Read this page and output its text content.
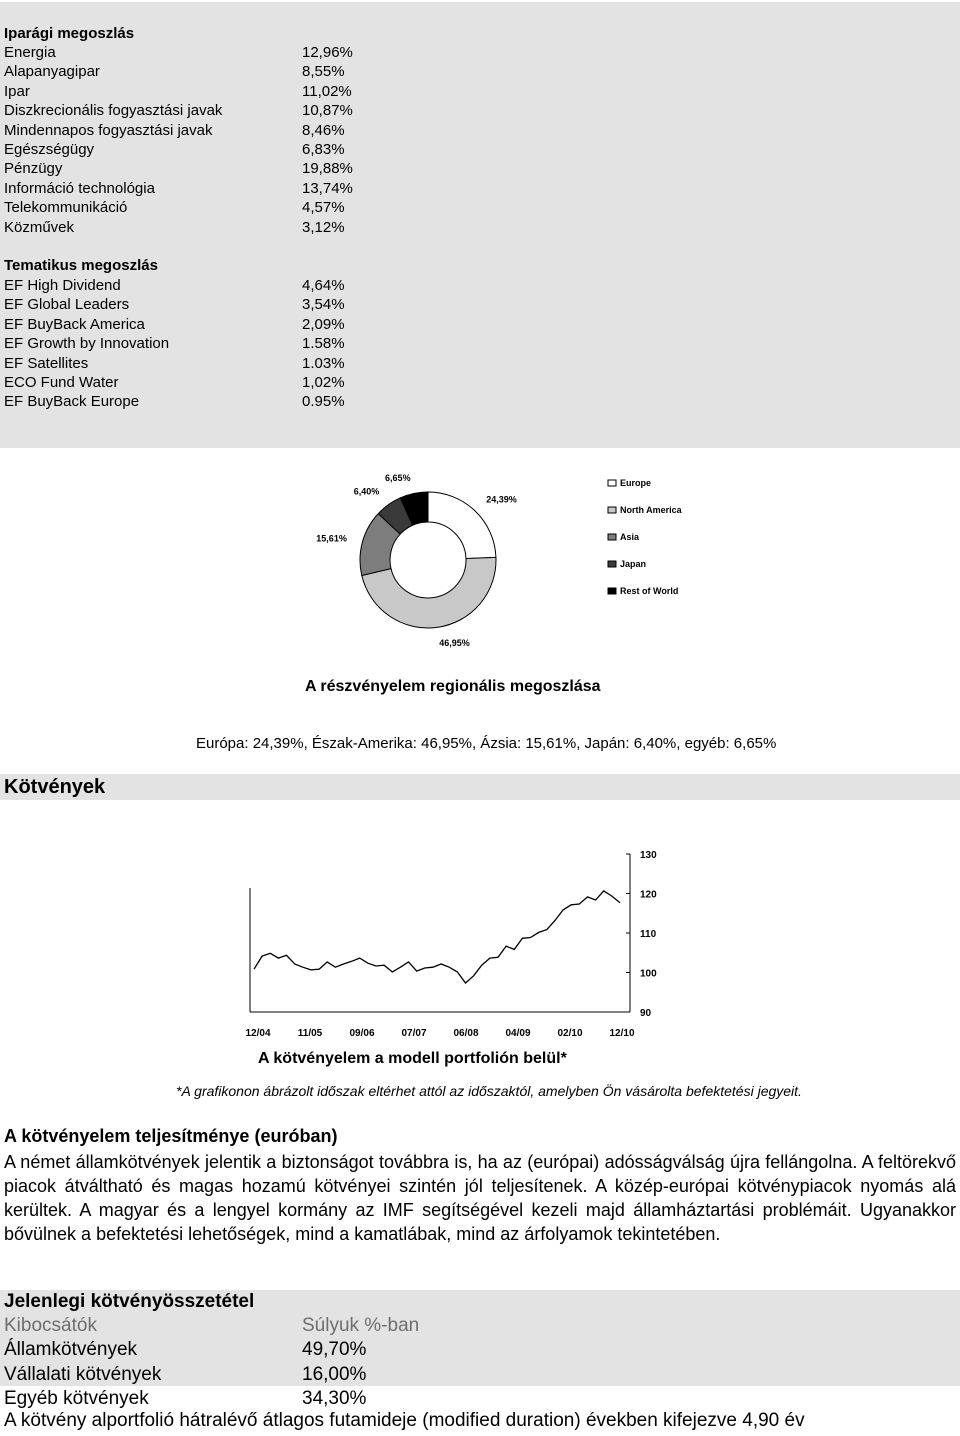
Iparági megoszlás
Energia	12,96%
Alapanyagipar	8,55%
Ipar	11,02%
Diszkrecionális fogyasztási javak	10,87%
Mindennapos fogyasztási javak	8,46%
Egészségügy	6,83%
Pénzügy	19,88%
Információ technológia	13,74%
Telekommunikáció	4,57%
Közművek	3,12%
Tematikus megoszlás
EF High Dividend	4,64%
EF Global Leaders	3,54%
EF BuyBack America	2,09%
EF Growth by Innovation	1.58%
EF Satellites	1.03%
ECO Fund Water	1,02%
EF BuyBack Europe	0.95%
24,39%
46,95%
15,61%
6,40%
6,65%
Europe
North America
Asia
Japan
Rest of World
A részvényelem regionális megoszlása
Európa: 24,39%, Észak-Amerika: 46,95%, Ázsia: 15,61%, Japán: 6,40%, egyéb: 6,65%
Kötvények
90
100
110
120
130
12/04	11/05	09/06	07/07	06/08	04/09	02/10	12/10
A kötvényelem a modell portfolión belül*
*A grafikonon ábrázolt időszak eltérhet attól az időszaktól, amelyben Ön vásárolta befektetési jegyeit.
A kötvényelem teljesítménye (euróban)
A német államkötvények jelentik a biztonságot továbbra is, ha az (európai) adósságválság újra fellángolna. A feltörekvő piacok átváltható és magas hozamú kötvényei szintén jól teljesítenek. A közép-európai kötvénypiacok nyomás alá kerültek. A magyar és a lengyel kormány az IMF segítségével kezeli majd államháztartási problémáit. Ugyanakkor bővülnek a befektetési lehetőségek, mind a kamatlábak, mind az árfolyamok tekintetében.
Jelenlegi kötvényösszetétel
Kibocsátók	Súlyuk %-ban
Államkötvények	49,70%
Vállalati kötvények	16,00%
Egyéb kötvények	34,30%
A kötvény alportfolió hátralévő átlagos futamideje (modified duration) években kifejezve 4,90 év
